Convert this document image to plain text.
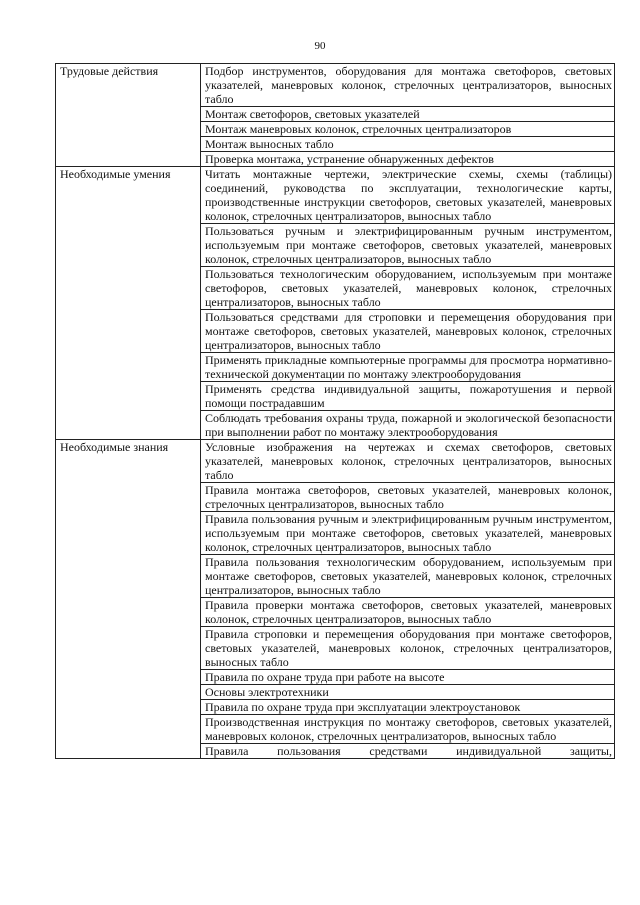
90
Трудовые действия	Подбор инструментов, оборудования для монтажа светофоров, световых указателей, маневровых колонок, стрелочных централизаторов, выносных табло
	Монтаж светофоров, световых указателей
	Монтаж маневровых колонок, стрелочных централизаторов
	Монтаж выносных табло
	Проверка монтажа, устранение обнаруженных дефектов
Необходимые умения	Читать монтажные чертежи, электрические схемы, схемы (таблицы) соединений, руководства по эксплуатации, технологические карты, производственные инструкции светофоров, световых указателей, маневровых колонок, стрелочных централизаторов, выносных табло
	Пользоваться ручным и электрифицированным ручным инструментом, используемым при монтаже светофоров, световых указателей, маневровых колонок, стрелочных централизаторов, выносных табло
	Пользоваться технологическим оборудованием, используемым при монтаже светофоров, световых указателей, маневровых колонок, стрелочных централизаторов, выносных табло
	Пользоваться средствами для строповки и перемещения оборудования при монтаже светофоров, световых указателей, маневровых колонок, стрелочных централизаторов, выносных табло
	Применять прикладные компьютерные программы для просмотра нормативно-технической документации по монтажу электрооборудования
	Применять средства индивидуальной защиты, пожаротушения и первой помощи пострадавшим
	Соблюдать требования охраны труда, пожарной и экологической безопасности при выполнении работ по монтажу электрооборудования
Необходимые знания	Условные изображения на чертежах и схемах светофоров, световых указателей, маневровых колонок, стрелочных централизаторов, выносных табло
	Правила монтажа светофоров, световых указателей, маневровых колонок, стрелочных централизаторов, выносных табло
	Правила пользования ручным и электрифицированным ручным инструментом, используемым при монтаже светофоров, световых указателей, маневровых колонок, стрелочных централизаторов, выносных табло
	Правила пользования технологическим оборудованием, используемым при монтаже светофоров, световых указателей, маневровых колонок, стрелочных централизаторов, выносных табло
	Правила проверки монтажа светофоров, световых указателей, маневровых колонок, стрелочных централизаторов, выносных табло
	Правила строповки и перемещения оборудования при монтаже светофоров, световых указателей, маневровых колонок, стрелочных централизаторов, выносных табло
	Правила по охране труда при работе на высоте
	Основы электротехники
	Правила по охране труда при эксплуатации электроустановок
	Производственная инструкция по монтажу светофоров, световых указателей, маневровых колонок, стрелочных централизаторов, выносных табло
	Правила пользования средствами индивидуальной защиты,
